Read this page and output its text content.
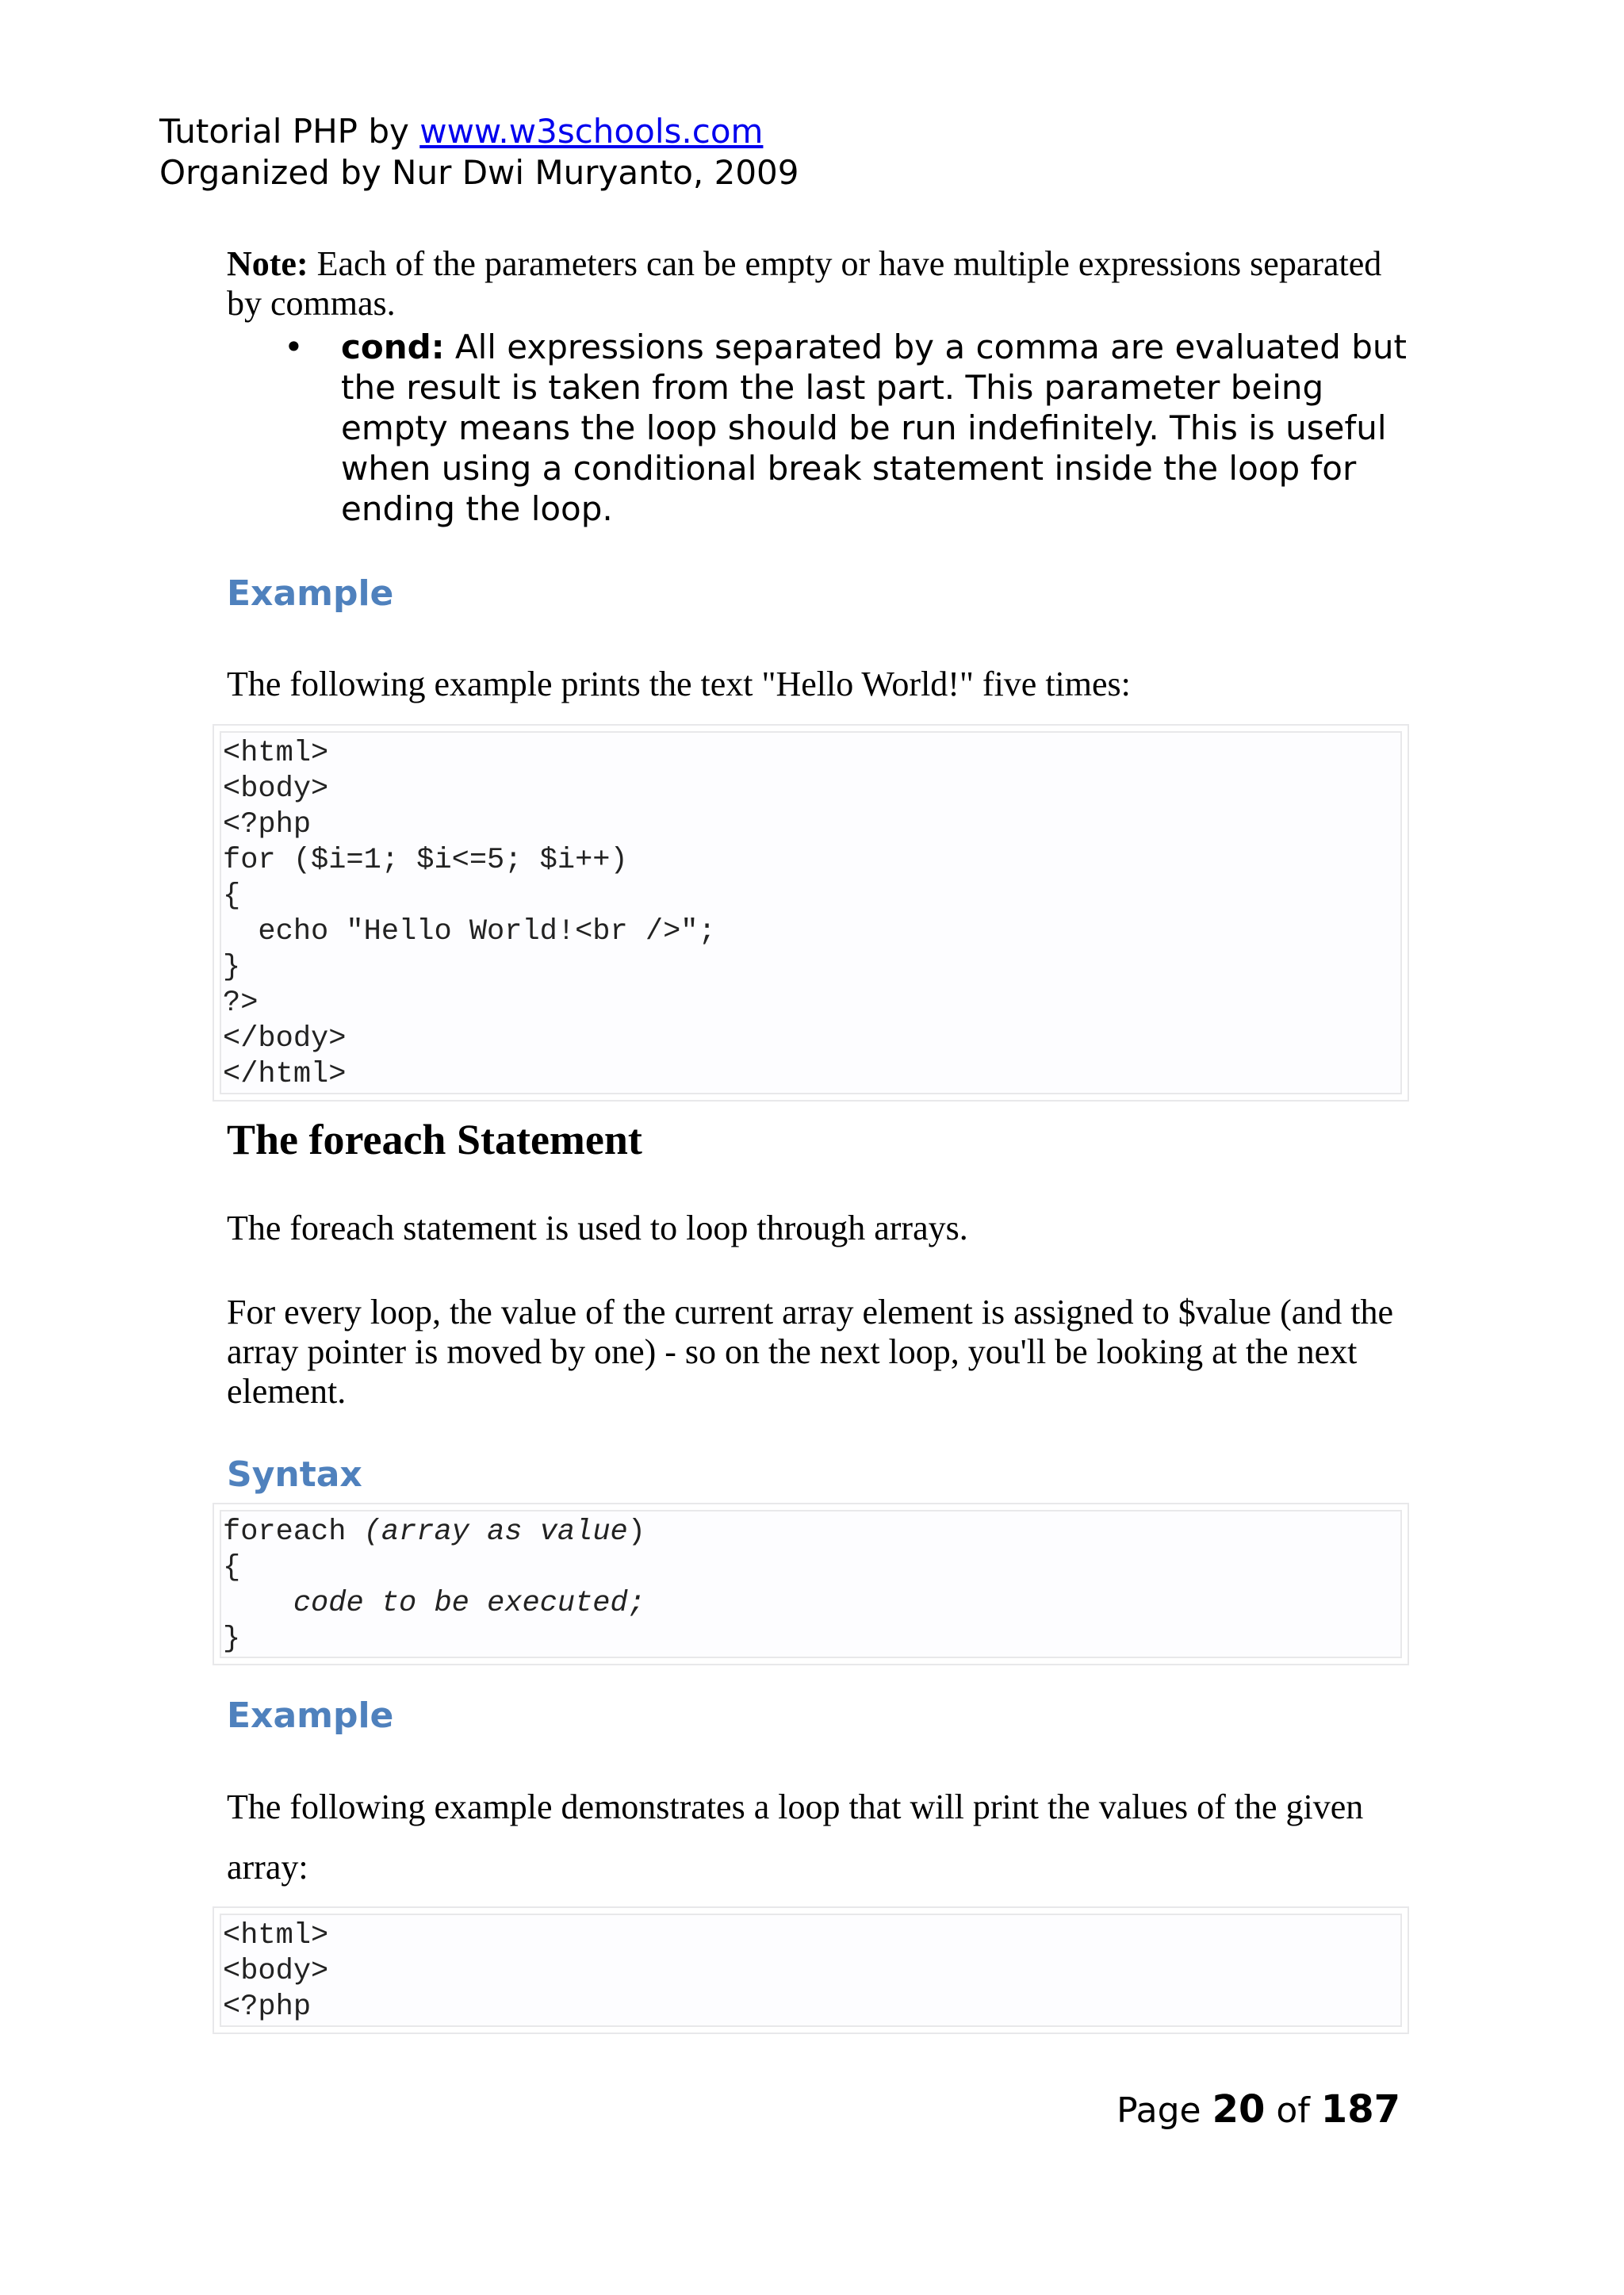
Tutorial PHP by www.w3schools.com
Organized by Nur Dwi Muryanto, 2009
Note: Each of the parameters can be empty or have multiple expressions separated by commas.
• cond: All expressions separated by a comma are evaluated but the result is taken from the last part. This parameter being empty means the loop should be run indefinitely. This is useful when using a conditional break statement inside the loop for ending the loop.
Example
The following example prints the text "Hello World!" five times:
<html>
<body>
<?php
for ($i=1; $i<=5; $i++)
{
echo "Hello World!<br />";
}
?>
</body>
</html>
The foreach Statement
The foreach statement is used to loop through arrays.
For every loop, the value of the current array element is assigned to $value (and the array pointer is moved by one) - so on the next loop, you'll be looking at the next element.
Syntax
foreach (array as value)
{
code to be executed;
}
Example
The following example demonstrates a loop that will print the values of the given
array:
<html>
<body>
<?php
Page 20 of 187
